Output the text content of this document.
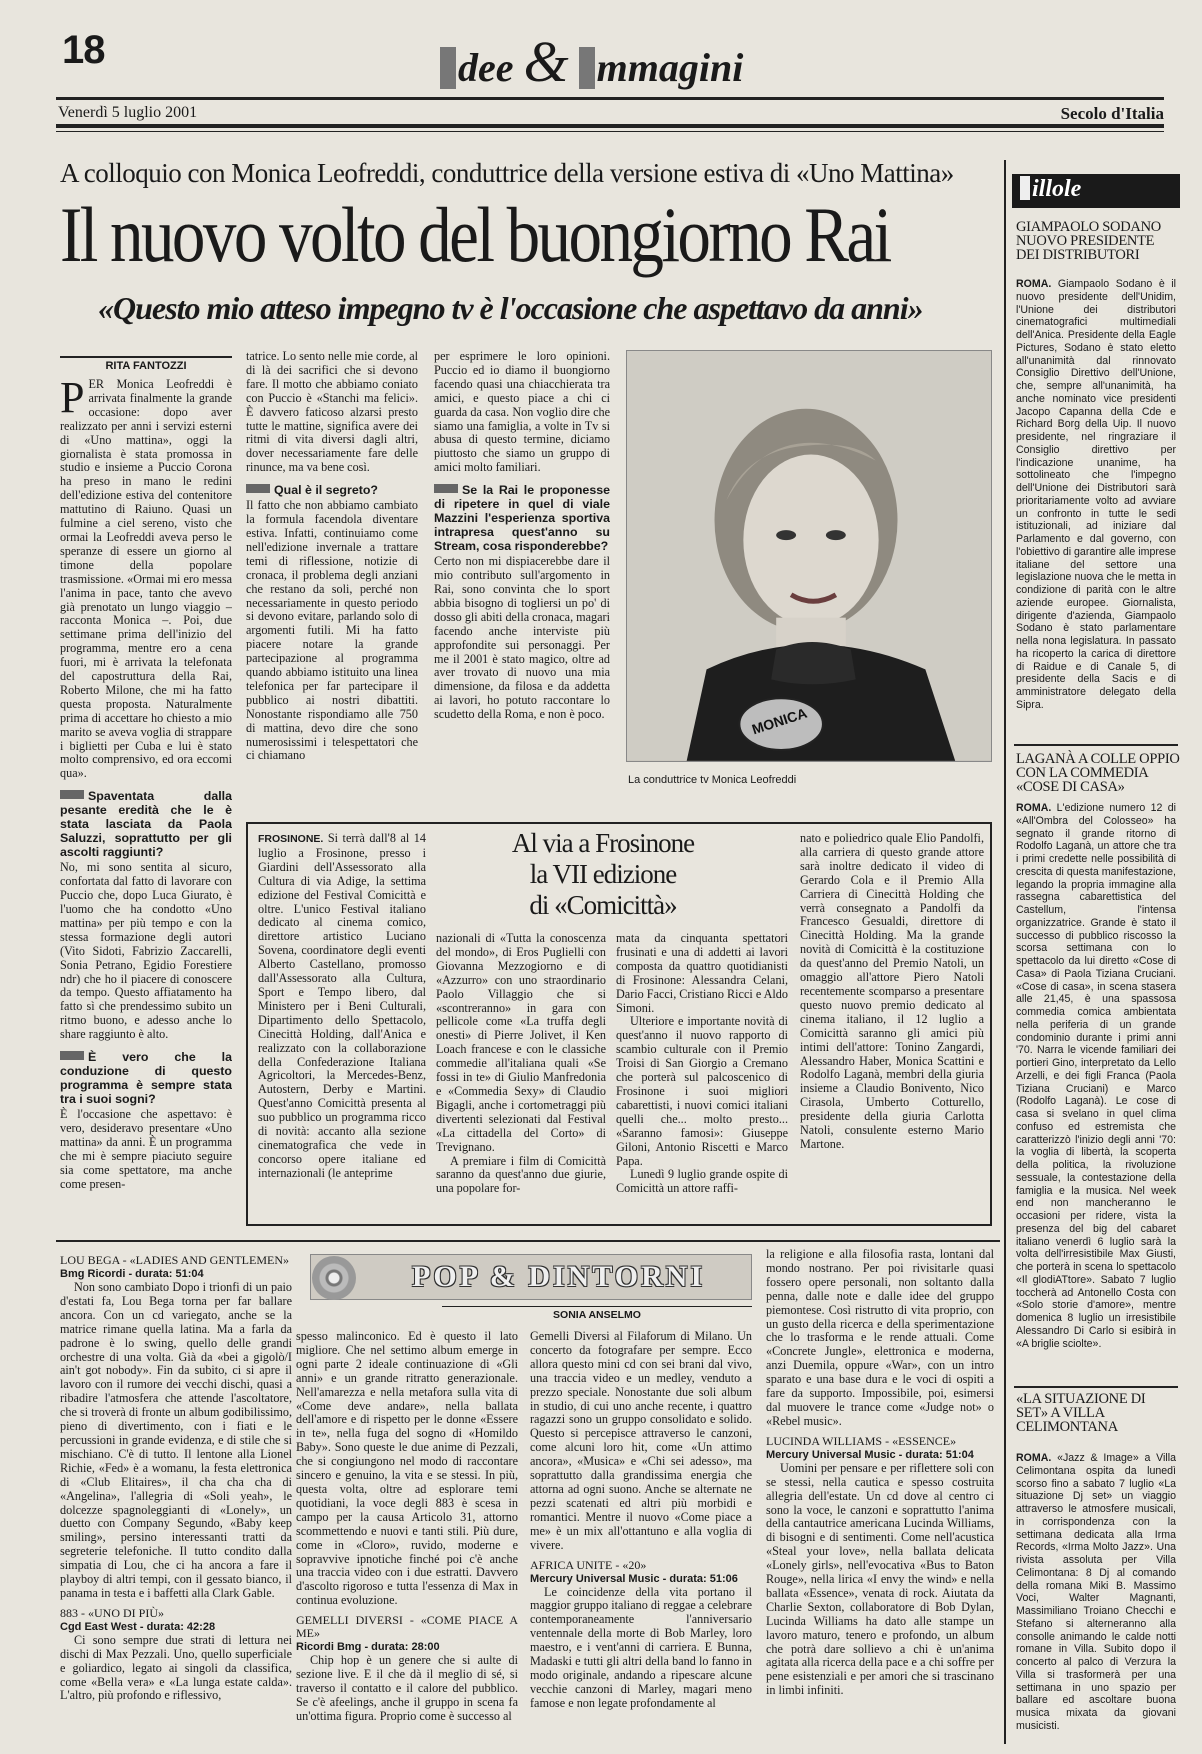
18	dee & mmagini
Venerdì 5 luglio 2001	Secolo d'Italia
A colloquio con Monica Leofreddi, conduttrice della versione estiva di «Uno Mattina»
Il nuovo volto del buongiorno Rai
«Questo mio atteso impegno tv è l'occasione che aspettavo da anni»
RITA FANTOZZI

PER Monica Leofreddi è arrivata finalmente la grande occasione: dopo aver realizzato per anni i servizi esterni di «Uno mattina», oggi la giornalista è stata promossa in studio e insieme a Puccio Corona ha preso in mano le redini dell'edizione estiva del contenitore mattutino di Raiuno. Quasi un fulmine a ciel sereno, visto che ormai la Leofreddi aveva perso le speranze di essere un giorno al timone della popolare trasmissione. «Ormai mi ero messa l'anima in pace, tanto che avevo già prenotato un lungo viaggio – racconta Monica –. Poi, due settimane prima dell'inizio del programma, mentre ero a cena fuori, mi è arrivata la telefonata del capostruttura della Rai, Roberto Milone, che mi ha fatto questa proposta. Naturalmente prima di accettare ho chiesto a mio marito se aveva voglia di strappare i biglietti per Cuba e lui è stato molto comprensivo, ed ora eccomi qua».

Spaventata dalla pesante eredità che le è stata lasciata da Paola Saluzzi, soprattutto per gli ascolti raggiunti?

No, mi sono sentita al sicuro, confortata dal fatto di lavorare con Puccio che, dopo Luca Giurato, è l'uomo che ha condotto «Uno mattina» per più tempo e con la stessa formazione degli autori (Vito Sidoti, Fabrizio Zaccarelli, Sonia Petrano, Egidio Forestiere ndr) che ho il piacere di conoscere da tempo. Questo affiatamento ha fatto sì che prendessimo subito un ritmo buono, e adesso anche lo share raggiunto è alto.

È vero che la conduzione di questo programma è sempre stata tra i suoi sogni?

È l'occasione che aspettavo: è vero, desideravo presentare «Uno mattina» da anni. È un programma che mi è sempre piaciuto seguire sia come spettatore, ma anche come presen-

tatrice. Lo sento nelle mie corde, al di là dei sacrifici che si devono fare. Il motto che abbiamo coniato con Puccio è «Stanchi ma felici». È davvero faticoso alzarsi presto tutte le mattine, significa avere dei ritmi di vita diversi dagli altri, dover necessariamente fare delle rinunce, ma va bene così.

Qual è il segreto?

Il fatto che non abbiamo cambiato la formula facendola diventare estiva. Infatti, continuiamo come nell'edizione invernale a trattare temi di riflessione, notizie di cronaca, il problema degli anziani che restano da soli, perché non necessariamente in questo periodo si devono evitare, parlando solo di argomenti futili. Mi ha fatto piacere notare la grande partecipazione al programma quando abbiamo istituito una linea telefonica per far partecipare il pubblico ai nostri dibattiti. Nonostante rispondiamo alle 750 di mattina, devo dire che sono numerosissimi i telespettatori che ci chiamano

per esprimere le loro opinioni. Puccio ed io diamo il buongiorno facendo quasi una chiacchierata tra amici, e questo piace a chi ci guarda da casa. Non voglio dire che siamo una famiglia, a volte in Tv si abusa di questo termine, diciamo piuttosto che siamo un gruppo di amici molto familiari.

Se la Rai le proponesse di ripetere in quel di viale Mazzini l'esperienza sportiva intrapresa quest'anno su Stream, cosa risponderebbe?

Certo non mi dispiacerebbe dare il mio contributo sull'argomento in Rai, sono convinta che lo sport abbia bisogno di togliersi un po' di dosso gli abiti della cronaca, magari facendo anche interviste più approfondite sui personaggi. Per me il 2001 è stato magico, oltre ad aver trovato di nuovo una mia dimensione, da filosa e da addetta ai lavori, ho potuto raccontare lo scudetto della Roma, e non è poco.	MONICA
La conduttrice tv Monica Leofreddi
Al via a Frosinone
la VII edizione
di «Comicittà»

FROSINONE. Si terrà dall'8 al 14 luglio a Frosinone, presso i Giardini dell'Assessorato alla Cultura di via Adige, la settima edizione del Festival Comicittà e oltre. L'unico Festival italiano dedicato al cinema comico, direttore artistico Luciano Sovena, coordinatore degli eventi Alberto Castellano, promosso dall'Assessorato alla Cultura, Sport e Tempo libero, dal Ministero per i Beni Culturali, Dipartimento dello Spettacolo, Cinecittà Holding, dall'Anica e realizzato con la collaborazione della Confederazione Italiana Agricoltori, la Mercedes-Benz, Autostern, Derby e Martini. Quest'anno Comicittà presenta al suo pubblico un programma ricco di novità: accanto alla sezione cinematografica che vede in concorso opere italiane ed internazionali (le anteprime

nazionali di «Tutta la conoscenza del mondo», di Eros Puglielli con Giovanna Mezzogiorno e di «Azzurro» con uno straordinario Paolo Villaggio che si «scontreranno» in gara con pellicole come «La truffa degli onesti» di Pierre Jolivet, il Ken Loach francese e con le classiche commedie all'italiana quali «Se fossi in te» di Giulio Manfredonia e «Commedia Sexy» di Claudio Bigagli, anche i cortometraggi più divertenti selezionati dal Festival «La cittadella del Corto» di Trevignano.

A premiare i film di Comicittà saranno da quest'anno due giurie, una popolare for-

mata da cinquanta spettatori frusinati e una di addetti ai lavori composta da quattro quotidianisti di Frosinone: Alessandra Celani, Dario Facci, Cristiano Ricci e Aldo Simoni.

Ulteriore e importante novità di quest'anno il nuovo rapporto di scambio culturale con il Premio Troisi di San Giorgio a Cremano che porterà sul palcoscenico di Frosinone i suoi migliori cabarettisti, i nuovi comici italiani quelli che... molto presto... «Saranno famosi»: Giuseppe Giloni, Antonio Riscetti e Marco Papa.

Lunedì 9 luglio grande ospite di Comicittà un attore raffi-

nato e poliedrico quale Elio Pandolfi, alla carriera di questo grande attore sarà inoltre dedicato il video di Gerardo Cola e il Premio Alla Carriera di Cinecittà Holding che verrà consegnato a Pandolfi da Francesco Gesualdi, direttore di Cinecittà Holding. Ma la grande novità di Comicittà è la costituzione da quest'anno del Premio Natoli, un omaggio all'attore Piero Natoli recentemente scomparso a presentare questo nuovo premio dedicato al cinema italiano, il 12 luglio a Comicittà saranno gli amici più intimi dell'attore: Tonino Zangardi, Alessandro Haber, Monica Scattini e Rodolfo Laganà, membri della giuria insieme a Claudio Bonivento, Nico Cirasola, Umberto Cotturello, presidente della giuria Carlotta Natoli, consulente esterno Mario Martone.

illole
GIAMPAOLO SODANO NUOVO PRESIDENTE DEI DISTRIBUTORI
ROMA. Giampaolo Sodano è il nuovo presidente dell'Unidim, l'Unione dei distributori cinematografici multimediali dell'Anica. Presidente della Eagle Pictures, Sodano è stato eletto all'unanimità dal rinnovato Consiglio Direttivo dell'Unione, che, sempre all'unanimità, ha anche nominato vice presidenti Jacopo Capanna della Cde e Richard Borg della Uip. Il nuovo presidente, nel ringraziare il Consiglio direttivo per l'indicazione unanime, ha sottolineato che l'impegno dell'Unione dei Distributori sarà prioritariamente volto ad avviare un confronto in tutte le sedi istituzionali, ad iniziare dal Parlamento e dal governo, con l'obiettivo di garantire alle imprese italiane del settore una legislazione nuova che le metta in condizione di parità con le altre aziende europee. Giornalista, dirigente d'azienda, Giampaolo Sodano è stato parlamentare nella nona legislatura. In passato ha ricoperto la carica di direttore di Raidue e di Canale 5, di presidente della Sacis e di amministratore delegato della Sipra.
LAGANÀ A COLLE OPPIO CON LA COMMEDIA «COSE DI CASA»
ROMA. L'edizione numero 12 di «All'Ombra del Colosseo» ha segnato il grande ritorno di Rodolfo Laganà, un attore che tra i primi credette nelle possibilità di crescita di questa manifestazione, legando la propria immagine alla rassegna cabarettistica del Castellum, l'intensa organizzatrice. Grande è stato il successo di pubblico riscosso la scorsa settimana con lo spettacolo da lui diretto «Cose di Casa» di Paola Tiziana Cruciani. «Cose di casa», in scena stasera alle 21,45, è una spassosa commedia comica ambientata nella periferia di un grande condominio durante i primi anni '70. Narra le vicende familiari dei portieri Gino, interpretato da Lello Arzelli, e dei figli Franca (Paola Tiziana Cruciani) e Marco (Rodolfo Laganà). Le cose di casa si svelano in quel clima confuso ed estremista che caratterizzò l'inizio degli anni '70: la voglia di libertà, la scoperta della politica, la rivoluzione sessuale, la contestazione della famiglia e la musica. Nel week end non mancheranno le occasioni per ridere, vista la presenza del big del cabaret italiano venerdì 6 luglio sarà la volta dell'irresistibile Max Giusti, che porterà in scena lo spettacolo «Il glodiATtore». Sabato 7 luglio toccherà ad Antonello Costa con «Solo storie d'amore», mentre domenica 8 luglio un irresistibile Alessandro Di Carlo si esibirà in «A briglie sciolte».
«LA SITUAZIONE DI SET» A VILLA CELIMONTANA
ROMA. «Jazz & Image» a Villa Celimontana ospita da lunedì scorso fino a sabato 7 luglio «La situazione Dj set» un viaggio attraverso le atmosfere musicali, in corrispondenza con la settimana dedicata alla Irma Records, «Irma Molto Jazz». Una rivista assoluta per Villa Celimontana: 8 Dj al comando della romana Miki B. Massimo Voci, Walter Magnanti, Massimiliano Troiano Checchi e Stefano si alterneranno alla consolle animando le calde notti romane in Villa. Subito dopo il concerto al palco di Verzura la Villa si trasformerà per una settimana in uno spazio per ballare ed ascoltare buona musica mixata da giovani musicisti.
POP & DINTORNI
SONIA ANSELMO
LOU BEGA - «LADIES AND GENTLEMEN»
Bmg Ricordi - durata: 51:04

Non sono cambiato Dopo i trionfi di un paio d'estati fa, Lou Bega torna per far ballare ancora. Con un cd variegato, anche se la matrice rimane quella latina. Ma a farla da padrone è lo swing, quello delle grandi orchestre di una volta. Già da «bei a gigolò/I ain't got nobody». Fin da subito, ci si apre il lavoro con il rumore dei vecchi dischi, quasi a ribadire l'atmosfera che attende l'ascoltatore, che si troverà di fronte un album godibilissimo, pieno di divertimento, con i fiati e le percussioni in grande evidenza, e di stile che si mischiano. C'è di tutto. Il lentone alla Lionel Richie, «Fed» è a womanu, la festa elettronica di «Club Elitaires», il cha cha cha di «Angelina», l'allegria di «Soli yeah», le dolcezze spagnoleggianti di «Lonely», un duetto con Company Segundo, «Baby keep smiling», persino interessanti tratti da segreterie telefoniche. Il tutto condito dalla simpatia di Lou, che ci ha ancora a fare il playboy di altri tempi, con il gessato bianco, il panama in testa e i baffetti alla Clark Gable.

883 - «UNO DI PIÙ»
Cgd East West - durata: 42:28

Ci sono sempre due strati di lettura nei dischi di Max Pezzali. Uno, quello superficiale e goliardico, legato ai singoli da classifica, come «Bella vera» e «La lunga estate calda». L'altro, più profondo e riflessivo,

spesso malinconico. Ed è questo il lato migliore. Che nel settimo album emerge in ogni parte 2 ideale continuazione di «Gli anni» e un grande ritratto generazionale. Nell'amarezza e nella metafora sulla vita di «Come deve andare», nella ballata dell'amore e di rispetto per le donne «Essere in te», nella fuga del sogno di «Homildo Baby». Sono queste le due anime di Pezzali, che si congiungono nel modo di raccontare sincero e genuino, la vita e se stessi. In più, questa volta, oltre ad esplorare temi quotidiani, la voce degli 883 è scesa in campo per la causa Articolo 31, attorno scommettendo e nuovi e tanti stili. Più dure, come in «Cloro», ruvido, moderne e sopravvive ipnotiche finché poi c'è anche una traccia video con i due estratti. Davvero d'ascolto rigoroso e tutta l'essenza di Max in continua evoluzione.

GEMELLI DIVERSI - «COME PIACE A ME»
Ricordi Bmg - durata: 28:00

Chip hop è un genere che si aulte di sezione live. E il che dà il meglio di sé, si traverso il contatto e il calore del pubblico. Se c'è afeelings, anche il gruppo in scena fa un'ottima figura. Proprio come è successo al

Gemelli Diversi al Filaforum di Milano. Un concerto da fotografare per sempre. Ecco allora questo mini cd con sei brani dal vivo, una traccia video e un medley, venduto a prezzo speciale. Nonostante due soli album in studio, di cui uno anche recente, i quattro ragazzi sono un gruppo consolidato e solido. Questo si percepisce attraverso le canzoni, come alcuni loro hit, come «Un attimo ancora», «Musica» e «Chi sei adesso», ma soprattutto dalla grandissima energia che attorna ad ogni suono. Anche se alternate ne pezzi scatenati ed altri più morbidi e romantici. Mentre il nuovo «Come piace a me» è un mix all'ottantuno e alla voglia di vivere.

AFRICA UNITE - «20»
Mercury Universal Music - durata: 51:06

Le coincidenze della vita portano il maggior gruppo italiano di reggae a celebrare contemporaneamente l'anniversario ventennale della morte di Bob Marley, loro maestro, e i vent'anni di carriera. E Bunna, Madaski e tutti gli altri della band lo fanno in modo originale, andando a ripescare alcune vecchie canzoni di Marley, magari meno famose e non legate profondamente al

la religione e alla filosofia rasta, lontani dal mondo nostrano. Per poi rivisitarle quasi fossero opere personali, non soltanto dalla penna, dalle note e dalle idee del gruppo piemontese. Così ristrutto di vita proprio, con un gusto della ricerca e della sperimentazione che lo trasforma e le rende attuali. Come «Concrete Jungle», elettronica e moderna, anzi Duemila, oppure «War», con un intro sparato e una base dura e le voci di ospiti a fare da supporto. Impossibile, poi, esimersi dal muovere le trance come «Judge not» o «Rebel music».

LUCINDA WILLIAMS - «ESSENCE»
Mercury Universal Music - durata: 51:04

Uomini per pensare e per riflettere soli con se stessi, nella cautica e spesso costruita allegria dell'estate. Un cd dove al centro ci sono la voce, le canzoni e soprattutto l'anima della cantautrice americana Lucinda Williams, di bisogni e di sentimenti. Come nell'acustica «Steal your love», nella ballata delicata «Lonely girls», nell'evocativa «Bus to Baton Rouge», nella lirica «I envy the wind» e nella ballata «Essence», venata di rock. Aiutata da Charlie Sexton, collaboratore di Bob Dylan, Lucinda Williams ha dato alle stampe un lavoro maturo, tenero e profondo, un album che potrà dare sollievo a chi è un'anima agitata alla ricerca della pace e a chi soffre per pene esistenziali e per amori che si trascinano in limbi infiniti.
